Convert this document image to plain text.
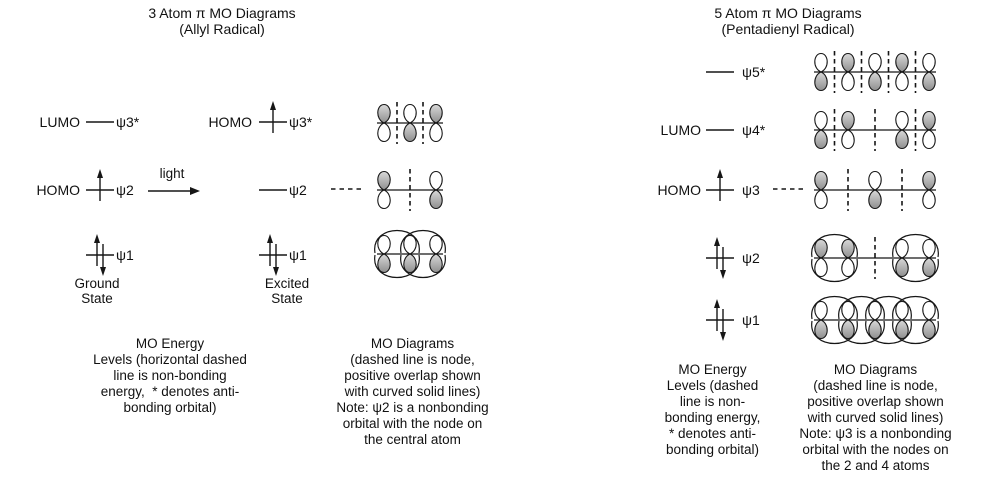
3 Atom π MO Diagrams
(Allyl Radical)
LUMO	ψ3*
HOMO	ψ2
ψ1
Ground
State
light
HOMO	ψ3*
ψ2
ψ1
Excited
State
MO Energy
Levels (horizontal dashed
line is non-bonding
energy,  * denotes anti-
bonding orbital)
MO Diagrams
(dashed line is node,
positive overlap shown
with curved solid lines)
Note: ψ2 is a nonbonding
orbital with the node on
the central atom
5 Atom π MO Diagrams
(Pentadienyl Radical)
ψ5*
LUMO	ψ4*
HOMO	ψ3
ψ2
ψ1
MO Energy
Levels (dashed
line is non-
bonding energy,
* denotes anti-
bonding orbital)
MO Diagrams
(dashed line is node,
positive overlap shown
with curved solid lines)
Note: ψ3 is a nonbonding
orbital with the nodes on
the 2 and 4 atoms
